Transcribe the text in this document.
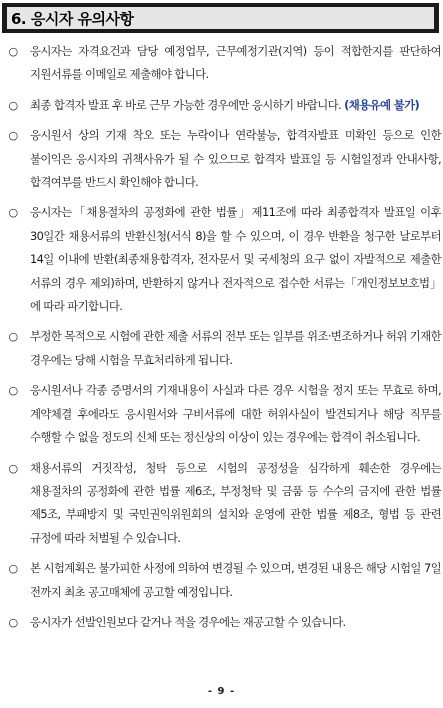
6. 응시자 유의사항
○	응시자는 자격요건과 담당 예정업무, 근무예정기관(지역) 등이 적합한지를 판단하여 지원서류를 이메일로 제출해야 합니다.
○	최종 합격자 발표 후 바로 근무 가능한 경우에만 응시하기 바랍니다. (채용유예 불가)
○	응시원서 상의 기재 착오 또는 누락이나 연락불능, 합격자발표 미확인 등으로 인한 불이익은 응시자의 귀책사유가 될 수 있으므로 합격자 발표일 등 시험일정과 안내사항, 합격여부를 반드시 확인해야 합니다.
○	응시자는「채용절차의 공정화에 관한 법률」제11조에 따라 최종합격자 발표일 이후 30일간 채용서류의 반환신청(서식 8)을 할 수 있으며, 이 경우 반환을 청구한 날로부터 14일 이내에 반환(최종채용합격자, 전자문서 및 국세청의 요구 없이 자발적으로 제출한 서류의 경우 제외)하며, 반환하지 않거나 전자적으로 접수한 서류는「개인정보보호법」에 따라 파기합니다.
○	부정한 목적으로 시험에 관한 제출 서류의 전부 또는 일부를 위조·변조하거나 허위 기재한 경우에는 당해 시험을 무효처리하게 됩니다.
○	응시원서나 각종 증명서의 기재내용이 사실과 다른 경우 시험을 정지 또는 무효로 하며, 계약체결 후에라도 응시원서와 구비서류에 대한 허위사실이 발견되거나 해당 직무를 수행할 수 없을 정도의 신체 또는 정신상의 이상이 있는 경우에는 합격이 취소됩니다.
○	채용서류의 거짓작성, 청탁 등으로 시험의 공정성을 심각하게 훼손한 경우에는 채용절차의 공정화에 관한 법률 제6조, 부정청탁 및 금품 등 수수의 금지에 관한 법률 제5조, 부패방지 및 국민권익위원회의 설치와 운영에 관한 법률 제8조, 형법 등 관련 규정에 따라 처벌될 수 있습니다.
○	본 시험계획은 불가피한 사정에 의하여 변경될 수 있으며, 변경된 내용은 해당 시험일 7일 전까지 최초 공고매체에 공고할 예정입니다.
○	응시자가 선발인원보다 같거나 적을 경우에는 재공고할 수 있습니다.
- 9 -
